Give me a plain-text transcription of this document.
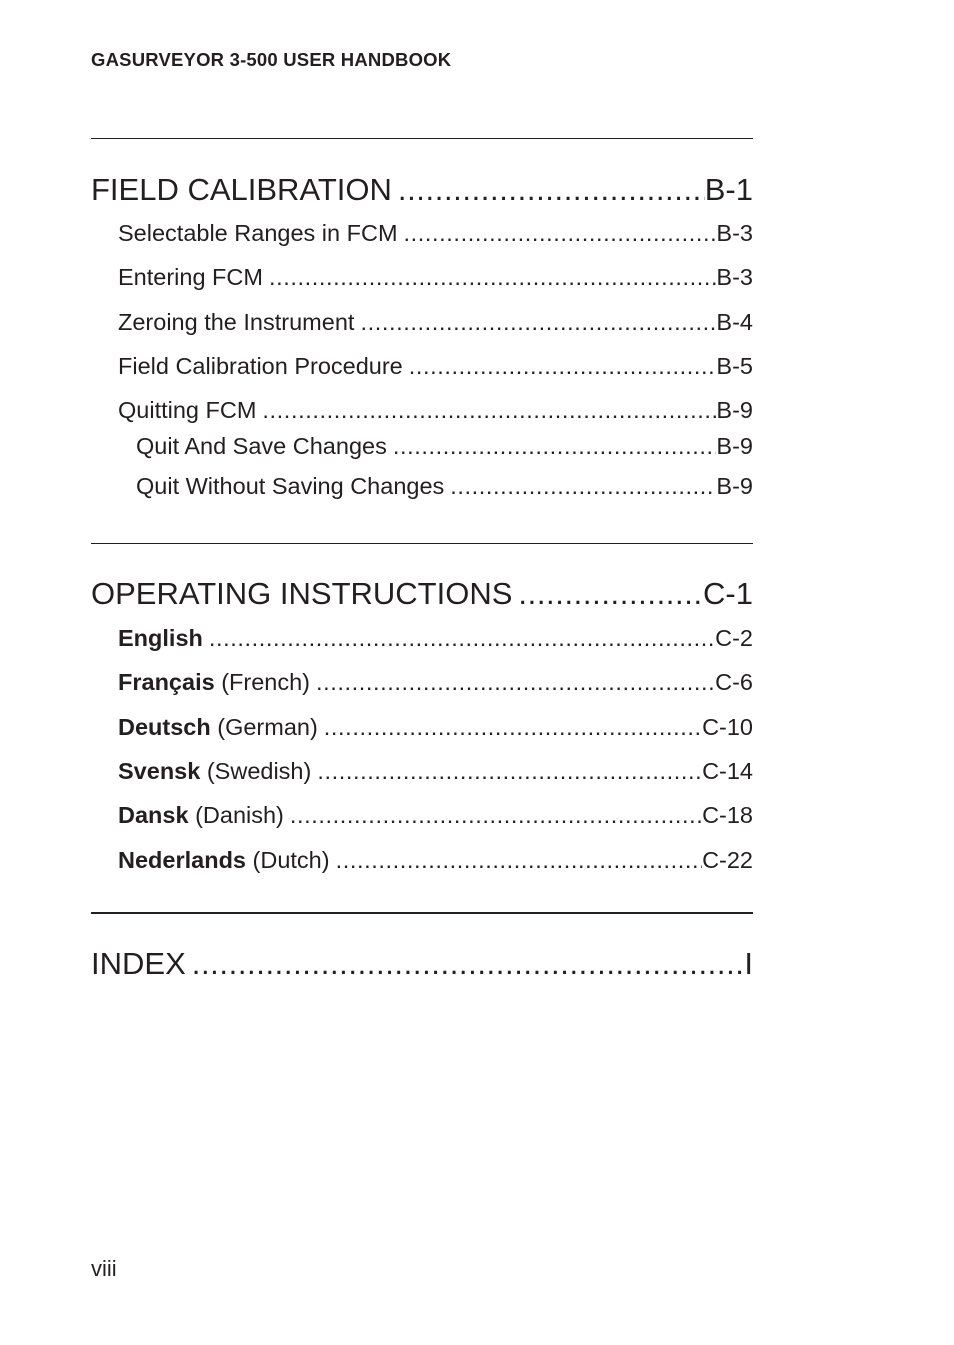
GASURVEYOR 3-500 USER HANDBOOK
FIELD CALIBRATION .....	B-1
Selectable Ranges in FCM .....	B-3
Entering FCM .....	B-3
Zeroing the Instrument .....	B-4
Field Calibration Procedure .....	B-5
Quitting FCM .....	B-9
Quit And Save Changes .....	B-9
Quit Without Saving Changes .....	B-9
OPERATING INSTRUCTIONS .....	C-1
English .....	C-2
Français (French) .....	C-6
Deutsch (German) .....	C-10
Svensk (Swedish) .....	C-14
Dansk (Danish) .....	C-18
Nederlands (Dutch) .....	C-22
INDEX .....	I
viii
